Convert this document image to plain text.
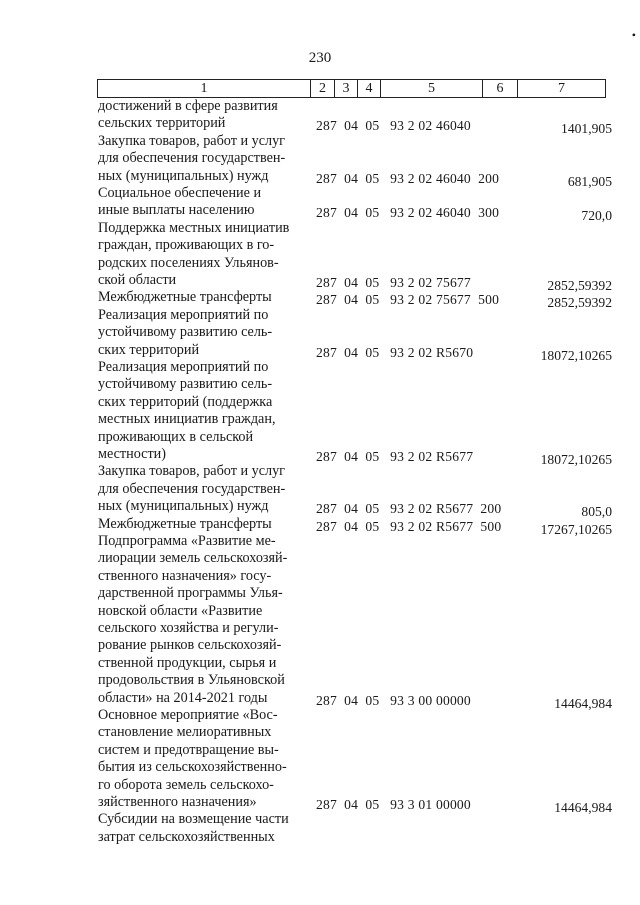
230
•
1	2	3	4	5	6	7
достижений в сфере развития
сельских территорий	287  04  05   93 2 02 46040	1401,905
Закупка товаров, работ и услуг
для обеспечения государствен-
ных (муниципальных) нужд	287  04  05   93 2 02 46040  200	681,905
Социальное обеспечение и
иные выплаты населению	287  04  05   93 2 02 46040  300	720,0
Поддержка местных инициатив
граждан, проживающих в го-
родских поселениях Ульянов-
ской области	287  04  05   93 2 02 75677	2852,59392
Межбюджетные трансферты	287  04  05   93 2 02 75677  500	2852,59392
Реализация мероприятий по
устойчивому развитию сель-
ских территорий	287  04  05   93 2 02 R5670	18072,10265
Реализация мероприятий по
устойчивому развитию сель-
ских территорий (поддержка
местных инициатив граждан,
проживающих в сельской
местности)	287  04  05   93 2 02 R5677	18072,10265
Закупка товаров, работ и услуг
для обеспечения государствен-
ных (муниципальных) нужд	287  04  05   93 2 02 R5677  200	805,0
Межбюджетные трансферты	287  04  05   93 2 02 R5677  500	17267,10265
Подпрограмма «Развитие ме-
лиорации земель сельскохозяй-
ственного назначения» госу-
дарственной программы Улья-
новской области «Развитие
сельского хозяйства и регули-
рование рынков сельскохозяй-
ственной продукции, сырья и
продовольствия в Ульяновской
области» на 2014-2021 годы	287  04  05   93 3 00 00000	14464,984
Основное мероприятие «Вос-
становление мелиоративных
систем и предотвращение вы-
бытия из сельскохозяйственно-
го оборота земель сельскохо-
зяйственного назначения»	287  04  05   93 3 01 00000	14464,984
Субсидии на возмещение части
затрат сельскохозяйственных
